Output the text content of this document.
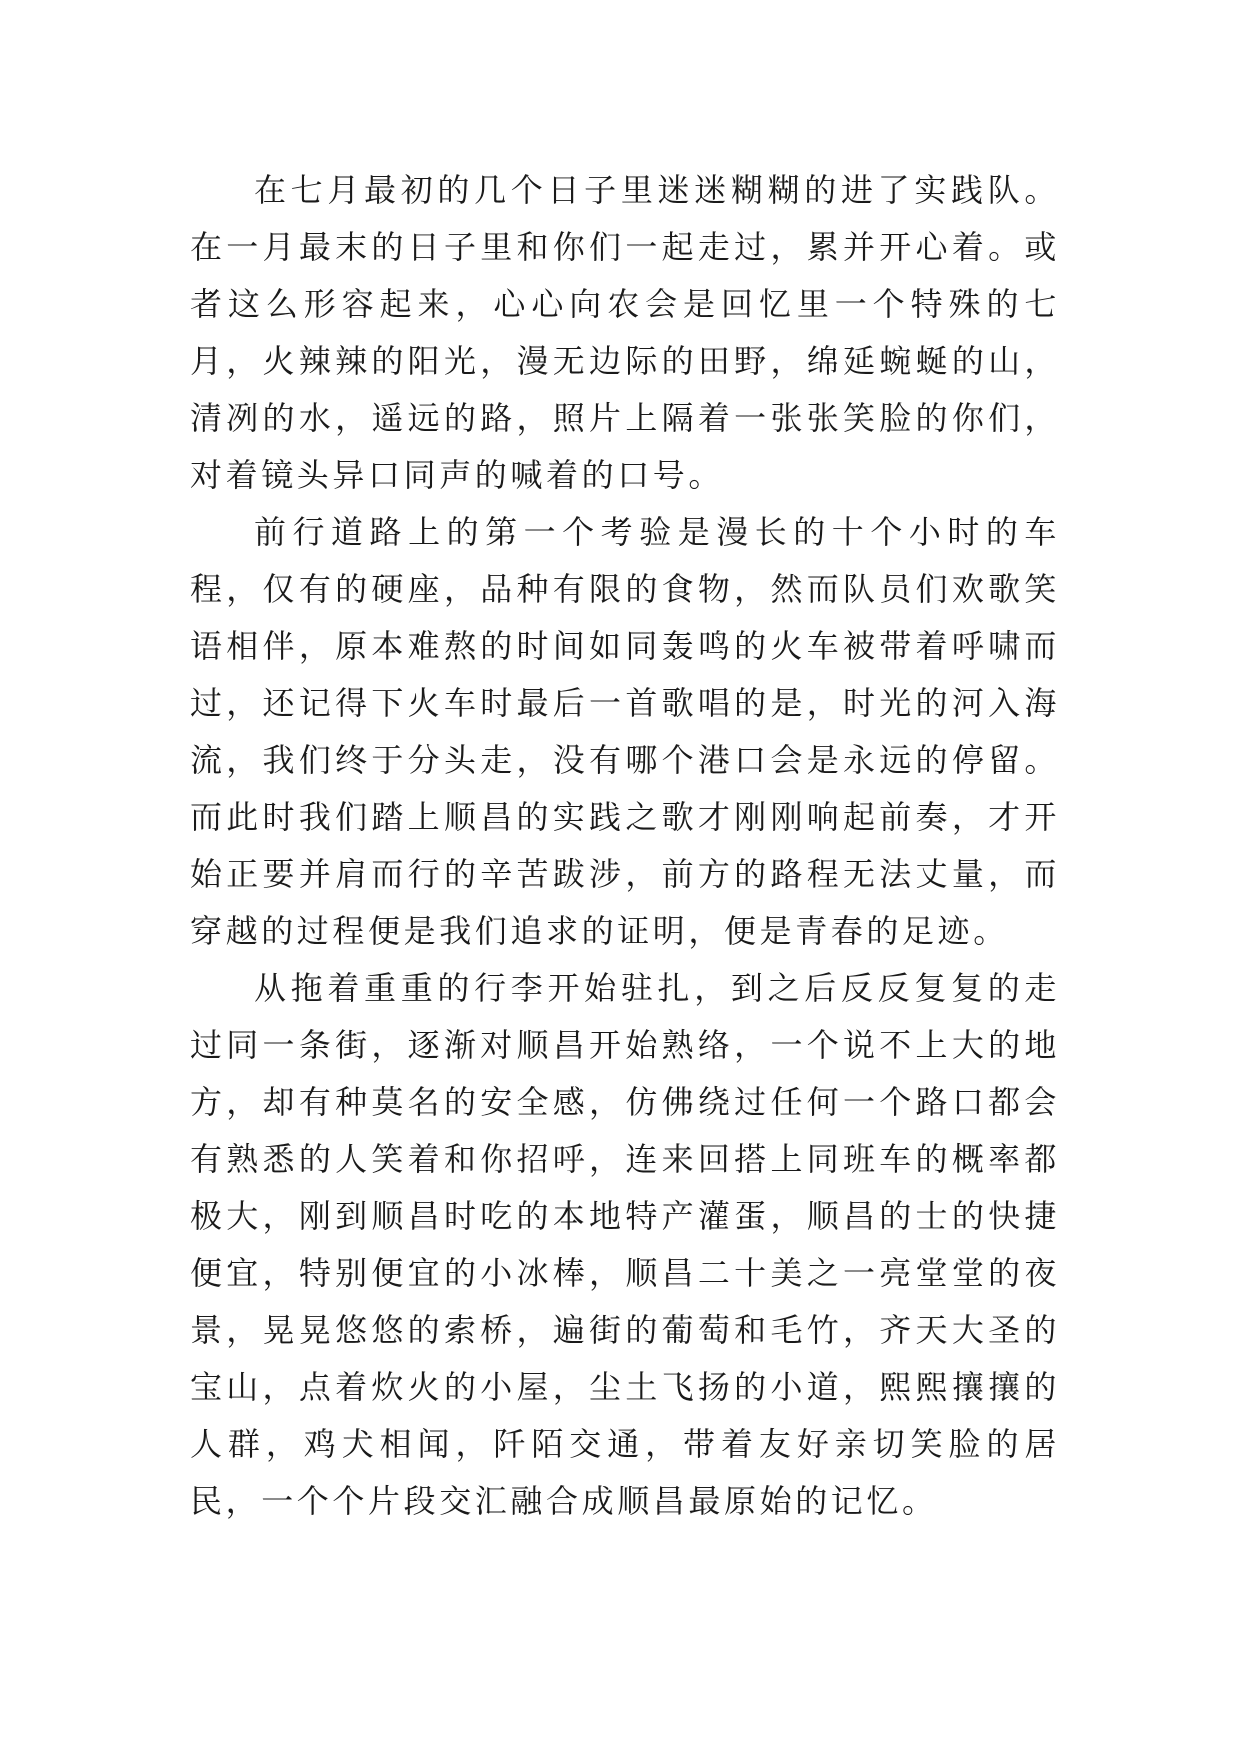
在七月最初的几个日子里迷迷糊糊的进了实践队。在一月最末的日子里和你们一起走过，累并开心着。或者这么形容起来，心心向农会是回忆里一个特殊的七月，火辣辣的阳光，漫无边际的田野，绵延蜿蜒的山，清冽的水，遥远的路，照片上隔着一张张笑脸的你们，对着镜头异口同声的喊着的口号。

前行道路上的第一个考验是漫长的十个小时的车程，仅有的硬座，品种有限的食物，然而队员们欢歌笑语相伴，原本难熬的时间如同轰鸣的火车被带着呼啸而过，还记得下火车时最后一首歌唱的是，时光的河入海流，我们终于分头走，没有哪个港口会是永远的停留。而此时我们踏上顺昌的实践之歌才刚刚响起前奏，才开始正要并肩而行的辛苦跋涉，前方的路程无法丈量，而穿越的过程便是我们追求的证明，便是青春的足迹。

从拖着重重的行李开始驻扎，到之后反反复复的走过同一条街，逐渐对顺昌开始熟络，一个说不上大的地方，却有种莫名的安全感，仿佛绕过任何一个路口都会有熟悉的人笑着和你招呼，连来回搭上同班车的概率都极大，刚到顺昌时吃的本地特产灌蛋，顺昌的士的快捷便宜，特别便宜的小冰棒，顺昌二十美之一亮堂堂的夜景，晃晃悠悠的索桥，遍街的葡萄和毛竹，齐天大圣的宝山，点着炊火的小屋，尘土飞扬的小道，熙熙攘攘的人群，鸡犬相闻，阡陌交通，带着友好亲切笑脸的居民，一个个片段交汇融合成顺昌最原始的记忆。
